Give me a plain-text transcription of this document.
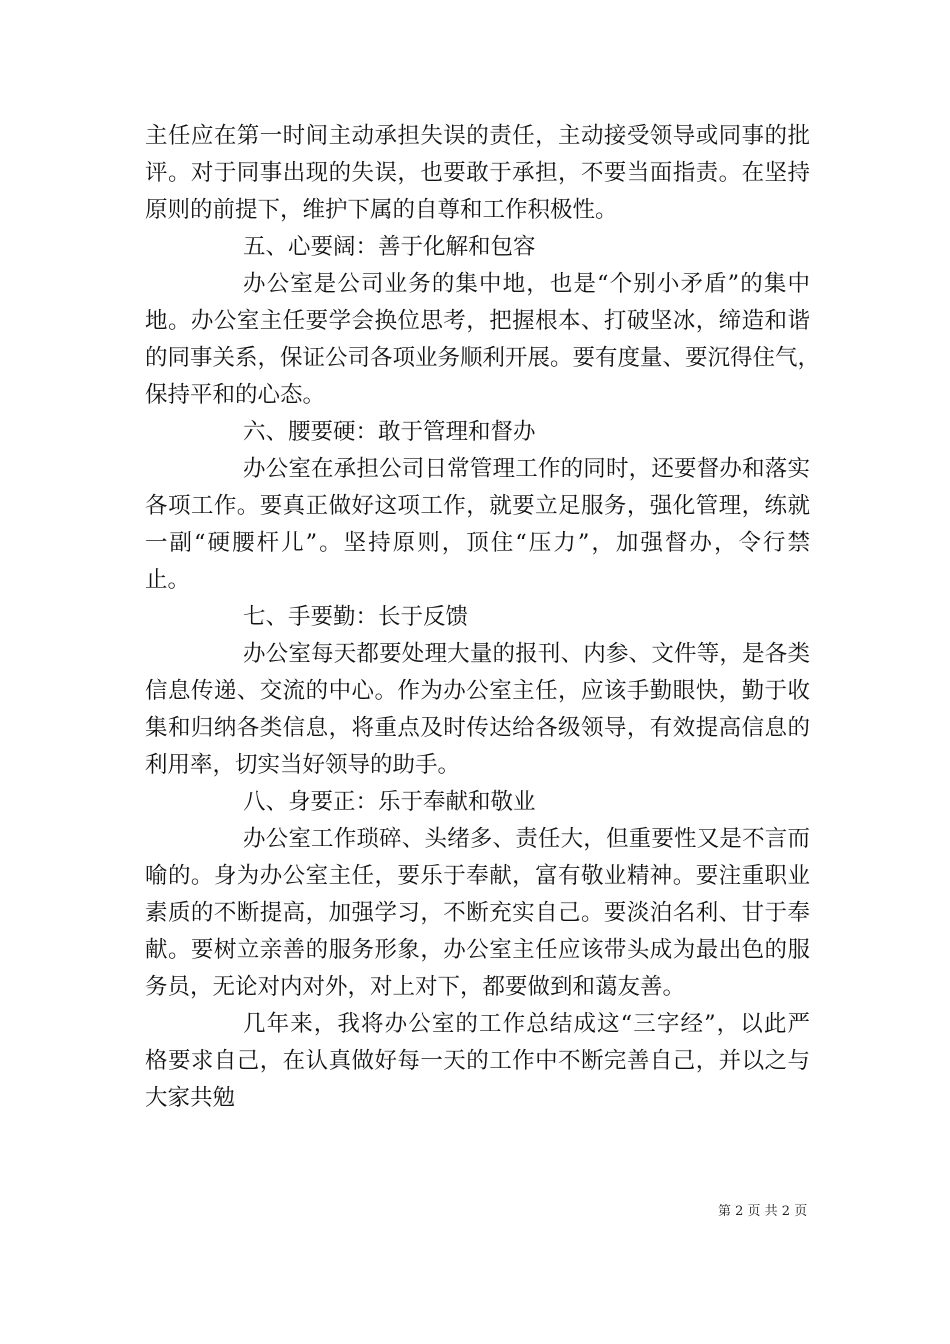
主任应在第一时间主动承担失误的责任，主动接受领导或同事的批
评。对于同事出现的失误，也要敢于承担，不要当面指责。在坚持
原则的前提下，维护下属的自尊和工作积极性。
五、心要阔：善于化解和包容
办公室是公司业务的集中地，也是“个别小矛盾”的集中
地。办公室主任要学会换位思考，把握根本、打破坚冰，缔造和谐
的同事关系，保证公司各项业务顺利开展。要有度量、要沉得住气，
保持平和的心态。
六、腰要硬：敢于管理和督办
办公室在承担公司日常管理工作的同时，还要督办和落实
各项工作。要真正做好这项工作，就要立足服务，强化管理，练就
一副“硬腰杆儿”。坚持原则，顶住“压力”，加强督办，令行禁
止。
七、手要勤：长于反馈
办公室每天都要处理大量的报刊、内参、文件等，是各类
信息传递、交流的中心。作为办公室主任，应该手勤眼快，勤于收
集和归纳各类信息，将重点及时传达给各级领导，有效提高信息的
利用率，切实当好领导的助手。
八、身要正：乐于奉献和敬业
办公室工作琐碎、头绪多、责任大，但重要性又是不言而
喻的。身为办公室主任，要乐于奉献，富有敬业精神。要注重职业
素质的不断提高，加强学习，不断充实自己。要淡泊名利、甘于奉
献。要树立亲善的服务形象，办公室主任应该带头成为最出色的服
务员，无论对内对外，对上对下，都要做到和蔼友善。
几年来，我将办公室的工作总结成这“三字经”，以此严
格要求自己，在认真做好每一天的工作中不断完善自己，并以之与
大家共勉
第 2 页 共 2 页
